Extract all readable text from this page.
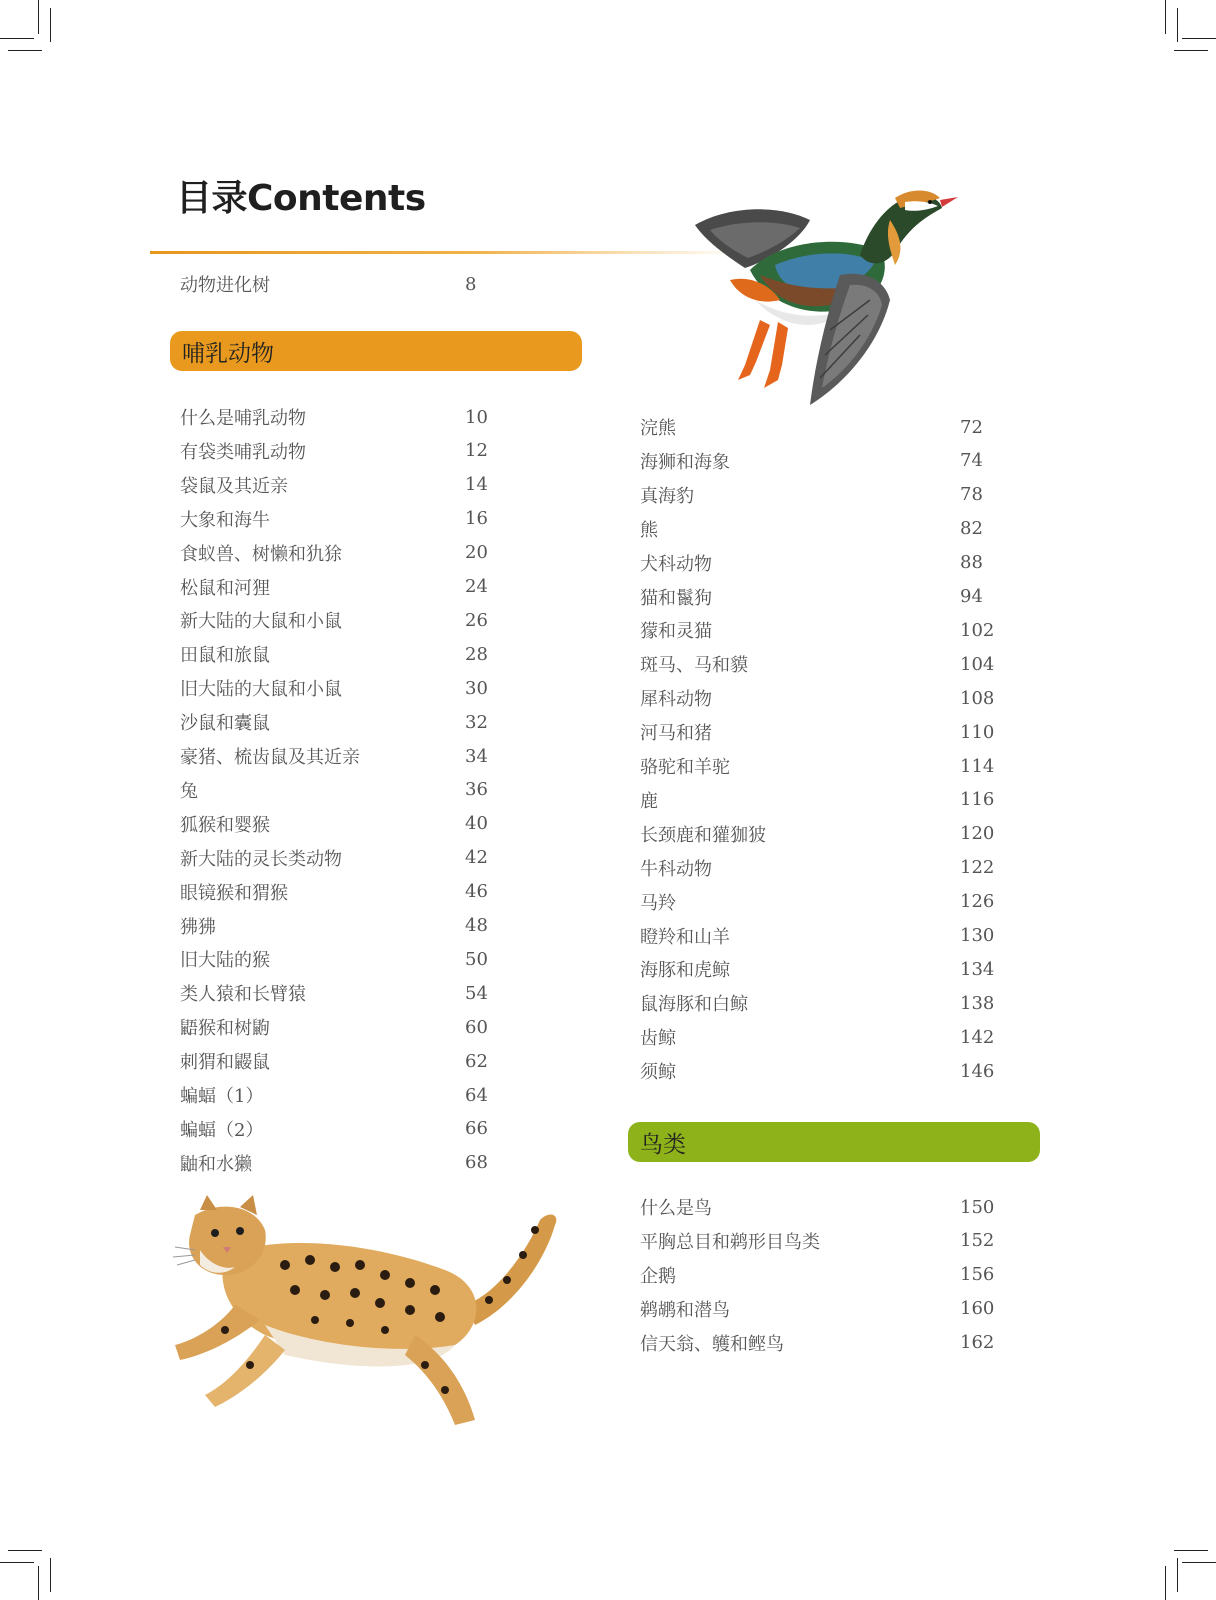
目录Contents
动物进化树	8
哺乳动物
什么是哺乳动物	10
有袋类哺乳动物	12
袋鼠及其近亲	14
大象和海牛	16
食蚁兽、树懒和犰狳	20
松鼠和河狸	24
新大陆的大鼠和小鼠	26
田鼠和旅鼠	28
旧大陆的大鼠和小鼠	30
沙鼠和囊鼠	32
豪猪、梳齿鼠及其近亲	34
兔	36
狐猴和婴猴	40
新大陆的灵长类动物	42
眼镜猴和猬猴	46
狒狒	48
旧大陆的猴	50
类人猿和长臂猿	54
鼯猴和树鼩	60
刺猬和鼹鼠	62
蝙蝠（1）	64
蝙蝠（2）	66
鼬和水獭	68
浣熊	72
海狮和海象	74
真海豹	78
熊	82
犬科动物	88
猫和鬣狗	94
獴和灵猫	102
斑马、马和貘	104
犀科动物	108
河马和猪	110
骆驼和羊驼	114
鹿	116
长颈鹿和獾㹢狓	120
牛科动物	122
马羚	126
瞪羚和山羊	130
海豚和虎鲸	134
鼠海豚和白鲸	138
齿鲸	142
须鲸	146
鸟类
什么是鸟	150
平胸总目和鹈形目鸟类	152
企鹅	156
鹈鹕和潜鸟	160
信天翁、鹱和鲣鸟	162
